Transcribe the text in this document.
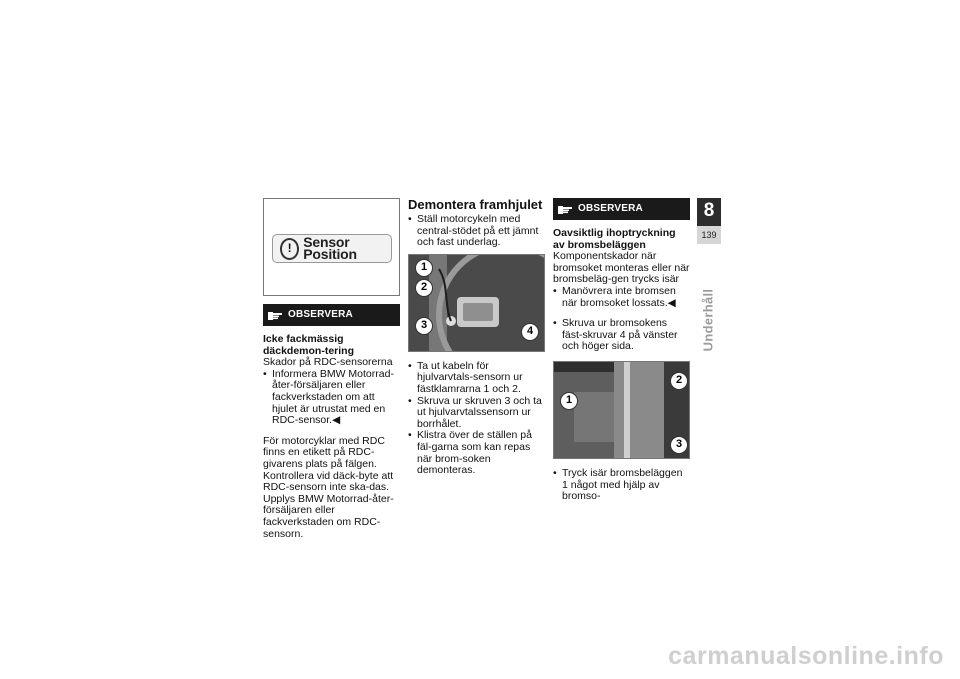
! Sensor Position
OBSERVERA
Icke fackmässig däckdemon-tering

Skador på RDC-sensorerna

• Informera BMW Motorrad-åter-försäljaren eller fackverkstaden om att hjulet är utrustat med en RDC-sensor.◀

För motorcyklar med RDC finns en etikett på RDC-givarens plats på fälgen. Kontrollera vid däck-byte att RDC-sensorn inte ska-das. Upplys BMW Motorrad-åter-försäljaren eller fackverkstaden om RDC-sensorn.

Demontera framhjulet
• Ställ motorcykeln med central-stödet på ett jämnt och fast underlag.
1
2
3	4
• Ta ut kabeln för hjulvarvtals-sensorn ur fästklamrarna 1 och 2.
• Skruva ur skruven 3 och ta ut hjulvarvtalssensorn ur borrhålet.
• Klistra över de ställen på fäl-garna som kan repas när brom-soken demonteras.
OBSERVERA
Oavsiktlig ihoptryckning av bromsbeläggen

Komponentskador när bromsoket monteras eller när bromsbeläg-gen trycks isär

• Manövrera inte bromsen när bromsoket lossats.◀
• Skruva ur bromsokens fäst-skruvar 4 på vänster och höger sida.
1
2
3
• Tryck isär bromsbeläggen 1 något med hjälp av bromso-
8
139
Underhåll
carmanualsonline.info
